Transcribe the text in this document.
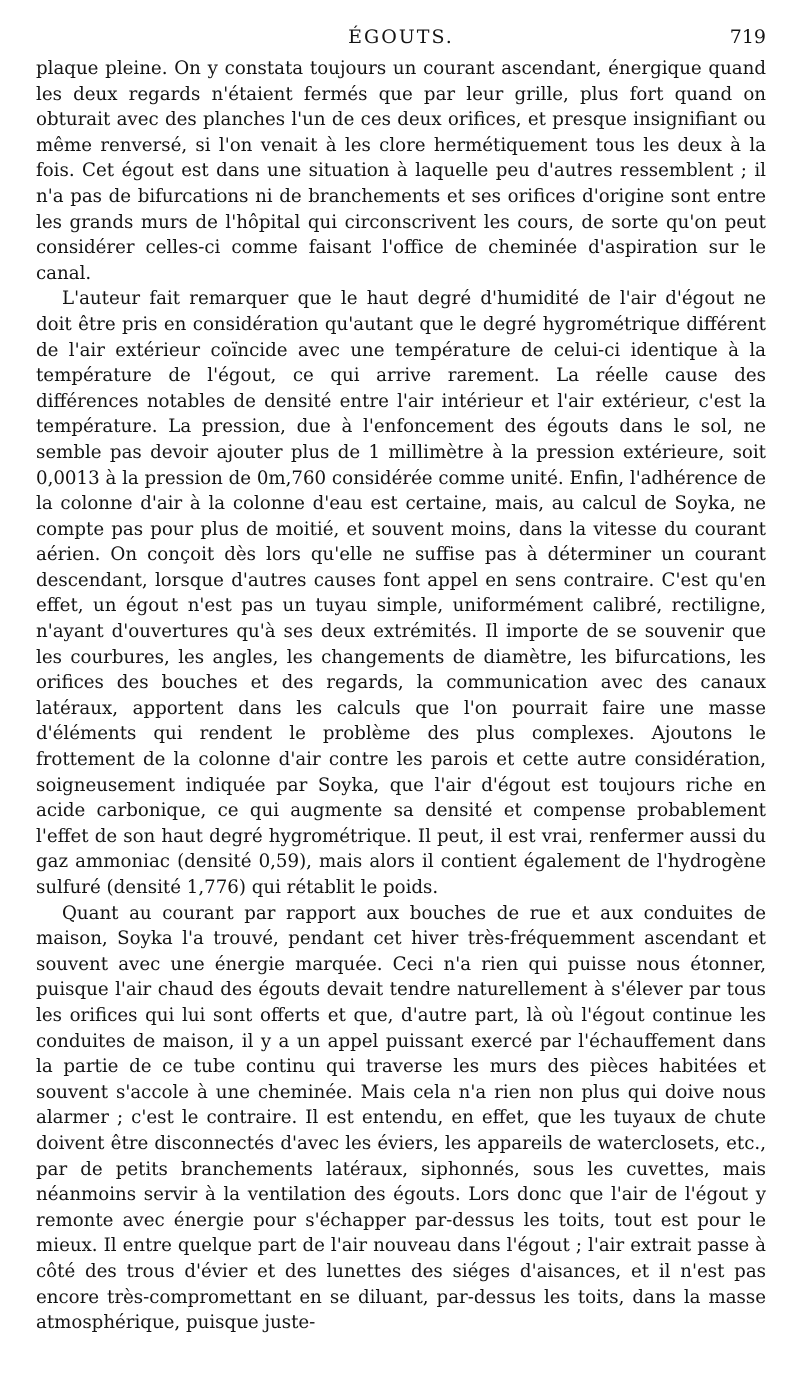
ÉGOUTS.	719

plaque pleine. On y constata toujours un courant ascendant, énergique quand les deux regards n'étaient fermés que par leur grille, plus fort quand on obturait avec des planches l'un de ces deux orifices, et presque insignifiant ou même renversé, si l'on venait à les clore hermétiquement tous les deux à la fois. Cet égout est dans une situation à laquelle peu d'autres ressemblent ; il n'a pas de bifurcations ni de branchements et ses orifices d'origine sont entre les grands murs de l'hôpital qui circonscrivent les cours, de sorte qu'on peut considérer celles-ci comme faisant l'office de cheminée d'aspiration sur le canal.

L'auteur fait remarquer que le haut degré d'humidité de l'air d'égout ne doit être pris en considération qu'autant que le degré hygrométrique différent de l'air extérieur coïncide avec une température de celui-ci identique à la température de l'égout, ce qui arrive rarement. La réelle cause des différences notables de densité entre l'air intérieur et l'air extérieur, c'est la température. La pression, due à l'enfoncement des égouts dans le sol, ne semble pas devoir ajouter plus de 1 millimètre à la pression extérieure, soit 0,0013 à la pression de 0m,760 considérée comme unité. Enfin, l'adhérence de la colonne d'air à la colonne d'eau est certaine, mais, au calcul de Soyka, ne compte pas pour plus de moitié, et souvent moins, dans la vitesse du courant aérien. On conçoit dès lors qu'elle ne suffise pas à déterminer un courant descendant, lorsque d'autres causes font appel en sens contraire. C'est qu'en effet, un égout n'est pas un tuyau simple, uniformément calibré, rectiligne, n'ayant d'ouvertures qu'à ses deux extrémités. Il importe de se souvenir que les courbures, les angles, les changements de diamètre, les bifurcations, les orifices des bouches et des regards, la communication avec des canaux latéraux, apportent dans les calculs que l'on pourrait faire une masse d'éléments qui rendent le problème des plus complexes. Ajoutons le frottement de la colonne d'air contre les parois et cette autre considération, soigneusement indiquée par Soyka, que l'air d'égout est toujours riche en acide carbonique, ce qui augmente sa densité et compense probablement l'effet de son haut degré hygrométrique. Il peut, il est vrai, renfermer aussi du gaz ammoniac (densité 0,59), mais alors il contient également de l'hydrogène sulfuré (densité 1,776) qui rétablit le poids.

Quant au courant par rapport aux bouches de rue et aux conduites de maison, Soyka l'a trouvé, pendant cet hiver très-fréquemment ascendant et souvent avec une énergie marquée. Ceci n'a rien qui puisse nous étonner, puisque l'air chaud des égouts devait tendre naturellement à s'élever par tous les orifices qui lui sont offerts et que, d'autre part, là où l'égout continue les conduites de maison, il y a un appel puissant exercé par l'échauffement dans la partie de ce tube continu qui traverse les murs des pièces habitées et souvent s'accole à une cheminée. Mais cela n'a rien non plus qui doive nous alarmer ; c'est le contraire. Il est entendu, en effet, que les tuyaux de chute doivent être disconnectés d'avec les éviers, les appareils de waterclosets, etc., par de petits branchements latéraux, siphonnés, sous les cuvettes, mais néanmoins servir à la ventilation des égouts. Lors donc que l'air de l'égout y remonte avec énergie pour s'échapper par-dessus les toits, tout est pour le mieux. Il entre quelque part de l'air nouveau dans l'égout ; l'air extrait passe à côté des trous d'évier et des lunettes des siéges d'aisances, et il n'est pas encore très-compromettant en se diluant, par-dessus les toits, dans la masse atmosphérique, puisque juste-
